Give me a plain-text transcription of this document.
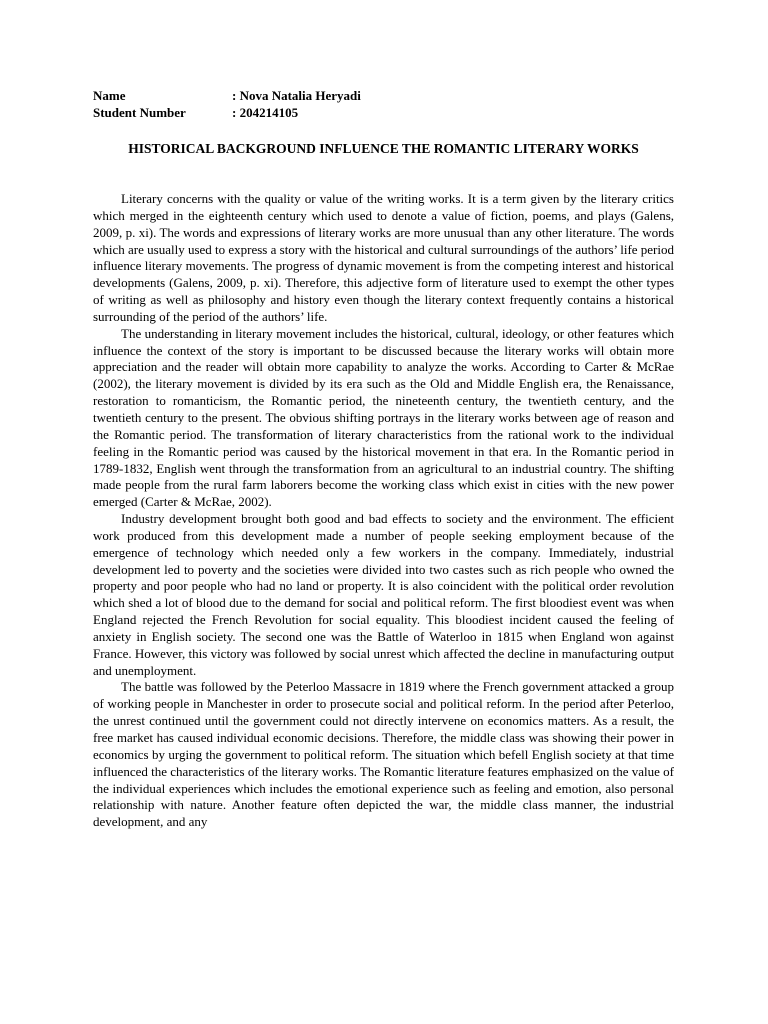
Name	: Nova Natalia Heryadi
Student Number	: 204214105
HISTORICAL BACKGROUND INFLUENCE THE ROMANTIC LITERARY WORKS

Literary concerns with the quality or value of the writing works. It is a term given by the literary critics which merged in the eighteenth century which used to denote a value of fiction, poems, and plays (Galens, 2009, p. xi). The words and expressions of literary works are more unusual than any other literature. The words which are usually used to express a story with the historical and cultural surroundings of the authors’ life period influence literary movements. The progress of dynamic movement is from the competing interest and historical developments (Galens, 2009, p. xi). Therefore, this adjective form of literature used to exempt the other types of writing as well as philosophy and history even though the literary context frequently contains a historical surrounding of the period of the authors’ life.

The understanding in literary movement includes the historical, cultural, ideology, or other features which influence the context of the story is important to be discussed because the literary works will obtain more appreciation and the reader will obtain more capability to analyze the works. According to Carter & McRae (2002), the literary movement is divided by its era such as the Old and Middle English era, the Renaissance, restoration to romanticism, the Romantic period, the nineteenth century, the twentieth century, and the twentieth century to the present. The obvious shifting portrays in the literary works between age of reason and the Romantic period. The transformation of literary characteristics from the rational work to the individual feeling in the Romantic period was caused by the historical movement in that era. In the Romantic period in 1789-1832, English went through the transformation from an agricultural to an industrial country. The shifting made people from the rural farm laborers become the working class which exist in cities with the new power emerged (Carter & McRae, 2002).

Industry development brought both good and bad effects to society and the environment. The efficient work produced from this development made a number of people seeking employment because of the emergence of technology which needed only a few workers in the company. Immediately, industrial development led to poverty and the societies were divided into two castes such as rich people who owned the property and poor people who had no land or property. It is also coincident with the political order revolution which shed a lot of blood due to the demand for social and political reform. The first bloodiest event was when England rejected the French Revolution for social equality. This bloodiest incident caused the feeling of anxiety in English society. The second one was the Battle of Waterloo in 1815 when England won against France. However, this victory was followed by social unrest which affected the decline in manufacturing output and unemployment.

The battle was followed by the Peterloo Massacre in 1819 where the French government attacked a group of working people in Manchester in order to prosecute social and political reform. In the period after Peterloo, the unrest continued until the government could not directly intervene on economics matters. As a result, the free market has caused individual economic decisions. Therefore, the middle class was showing their power in economics by urging the government to political reform. The situation which befell English society at that time influenced the characteristics of the literary works. The Romantic literature features emphasized on the value of the individual experiences which includes the emotional experience such as feeling and emotion, also personal relationship with nature. Another feature often depicted the war, the middle class manner, the industrial development, and any
